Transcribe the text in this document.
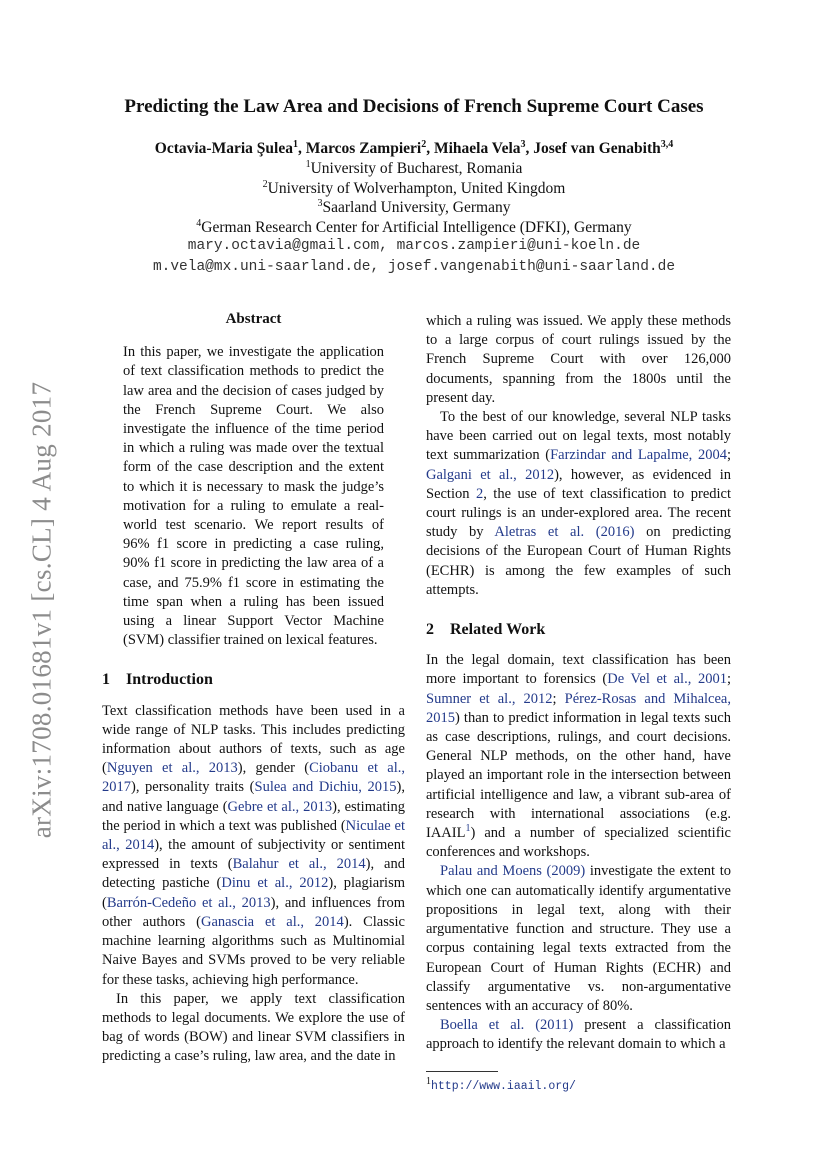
arXiv:1708.01681v1 [cs.CL] 4 Aug 2017
Predicting the Law Area and Decisions of French Supreme Court Cases
Octavia-Maria Şulea$^1$, Marcos Zampieri$^2$, Mihaela Vela$^3$, Josef van Genabith$^{3,4}$
$^1$University of Bucharest, Romania
$^2$University of Wolverhampton, United Kingdom
$^3$Saarland University, Germany
$^4$German Research Center for Artificial Intelligence (DFKI), Germany
mary.octavia@gmail.com, marcos.zampieri@uni-koeln.de
m.vela@mx.uni-saarland.de, josef.vangenabith@uni-saarland.de
Abstract

In this paper, we investigate the application of text classification methods to predict the law area and the decision of cases judged by the French Supreme Court. We also investigate the influence of the time period in which a ruling was made over the textual form of the case description and the extent to which it is necessary to mask the judge’s motivation for a ruling to emulate a real-world test scenario. We report results of 96% f1 score in predicting a case ruling, 90% f1 score in predicting the law area of a case, and 75.9% f1 score in estimating the time span when a ruling has been issued using a linear Support Vector Machine (SVM) classifier trained on lexical features.

1 Introduction

Text classification methods have been used in a wide range of NLP tasks. This includes predicting information about authors of texts, such as age (Nguyen et al., 2013), gender (Ciobanu et al., 2017), personality traits (Sulea and Dichiu, 2015), and native language (Gebre et al., 2013), estimating the period in which a text was published (Niculae et al., 2014), the amount of subjectivity or sentiment expressed in texts (Balahur et al., 2014), and detecting pastiche (Dinu et al., 2012), plagiarism (Barrón-Cedeño et al., 2013), and influences from other authors (Ganascia et al., 2014). Classic machine learning algorithms such as Multinomial Naive Bayes and SVMs proved to be very reliable for these tasks, achieving high performance.

In this paper, we apply text classification methods to legal documents. We explore the use of bag of words (BOW) and linear SVM classifiers in predicting a case’s ruling, law area, and the date in

which a ruling was issued. We apply these methods to a large corpus of court rulings issued by the French Supreme Court with over 126,000 documents, spanning from the 1800s until the present day.

To the best of our knowledge, several NLP tasks have been carried out on legal texts, most notably text summarization (Farzindar and Lapalme, 2004; Galgani et al., 2012), however, as evidenced in Section 2, the use of text classification to predict court rulings is an under-explored area. The recent study by Aletras et al. (2016) on predicting decisions of the European Court of Human Rights (ECHR) is among the few examples of such attempts.

2 Related Work

In the legal domain, text classification has been more important to forensics (De Vel et al., 2001; Sumner et al., 2012; Pérez-Rosas and Mihalcea, 2015) than to predict information in legal texts such as case descriptions, rulings, and court decisions. General NLP methods, on the other hand, have played an important role in the intersection between artificial intelligence and law, a vibrant sub-area of research with international associations (e.g. IAAIL$^1$) and a number of specialized scientific conferences and workshops.

Palau and Moens (2009) investigate the extent to which one can automatically identify argumentative propositions in legal text, along with their argumentative function and structure. They use a corpus containing legal texts extracted from the European Court of Human Rights (ECHR) and classify argumentative vs. non-argumentative sentences with an accuracy of 80%.

Boella et al. (2011) present a classification approach to identify the relevant domain to which a

$^1$http://www.iaail.org/
